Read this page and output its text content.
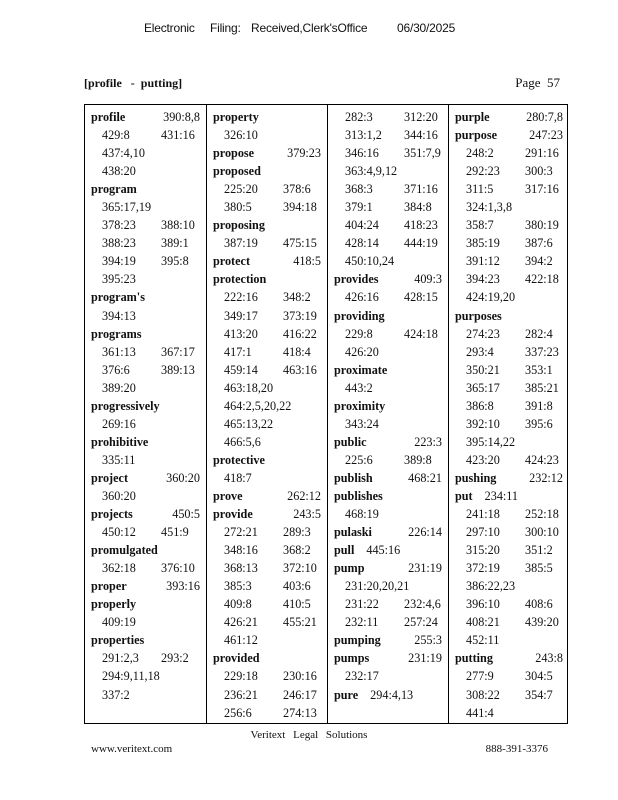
Electronic Filing: Received,Clerk'sOffice 06/30/2025
[profile   -  putting]	Page  57
profile	390:8,8
429:8	431:16
437:4,10
438:20
program
365:17,19
378:23 388:10
388:23 389:1
394:19 395:8
395:23
program's
394:13
programs
361:13 367:17
376:6	389:13
389:20
progressively
269:16
prohibitive
335:11
project	360:20
360:20
projects	450:5
450:12 451:9
promulgated
362:18 376:10
proper	393:16
properly
409:19
properties
291:2,3 293:2
294:9,11,18
337:2
property
326:10
propose	379:23
proposed
225:20 378:6
380:5	394:18
proposing
387:19 475:15
protect	418:5
protection
222:16 348:2
349:17 373:19
413:20 416:22
417:1	418:4
459:14 463:16
463:18,20
464:2,5,20,22
465:13,22
466:5,6
protective
418:7
prove	262:12
provide	243:5
272:21 289:3
348:16 368:2
368:13 372:10
385:3	403:6
409:8	410:5
426:21 455:21
461:12
provided
229:18 230:16
236:21 246:17
256:6	274:13
282:3	312:20
313:1,2 344:16
346:16 351:7,9
363:4,9,12
368:3	371:16
379:1	384:8
404:24 418:23
428:14 444:19
450:10,24
provides	409:3
426:16 428:15
providing
229:8	424:18
426:20
proximate
443:2
proximity
343:24
public	223:3
225:6	389:8
publish	468:21
publishes
468:19
pulaski	226:14
pull 445:16
pump	231:19
231:20,20,21
231:22 232:4,6
232:11 257:24
pumping	255:3
pumps	231:19
232:17
pure 294:4,13
purple	280:7,8
purpose	247:23
248:2	291:16
292:23 300:3
311:5	317:16
324:1,3,8
358:7	380:19
385:19 387:6
391:12 394:2
394:23 422:18
424:19,20
purposes
274:23 282:4
293:4	337:23
350:21 353:1
365:17 385:21
386:8	391:8
392:10 395:6
395:14,22
423:20 424:23
pushing	232:12
put 234:11
241:18 252:18
297:10 300:10
315:20 351:2
372:19 385:5
386:22,23
396:10 408:6
408:21 439:20
452:11
putting	243:8
277:9	304:5
308:22 354:7
441:4
Veritext Legal Solutions
www.veritext.com	888-391-3376
